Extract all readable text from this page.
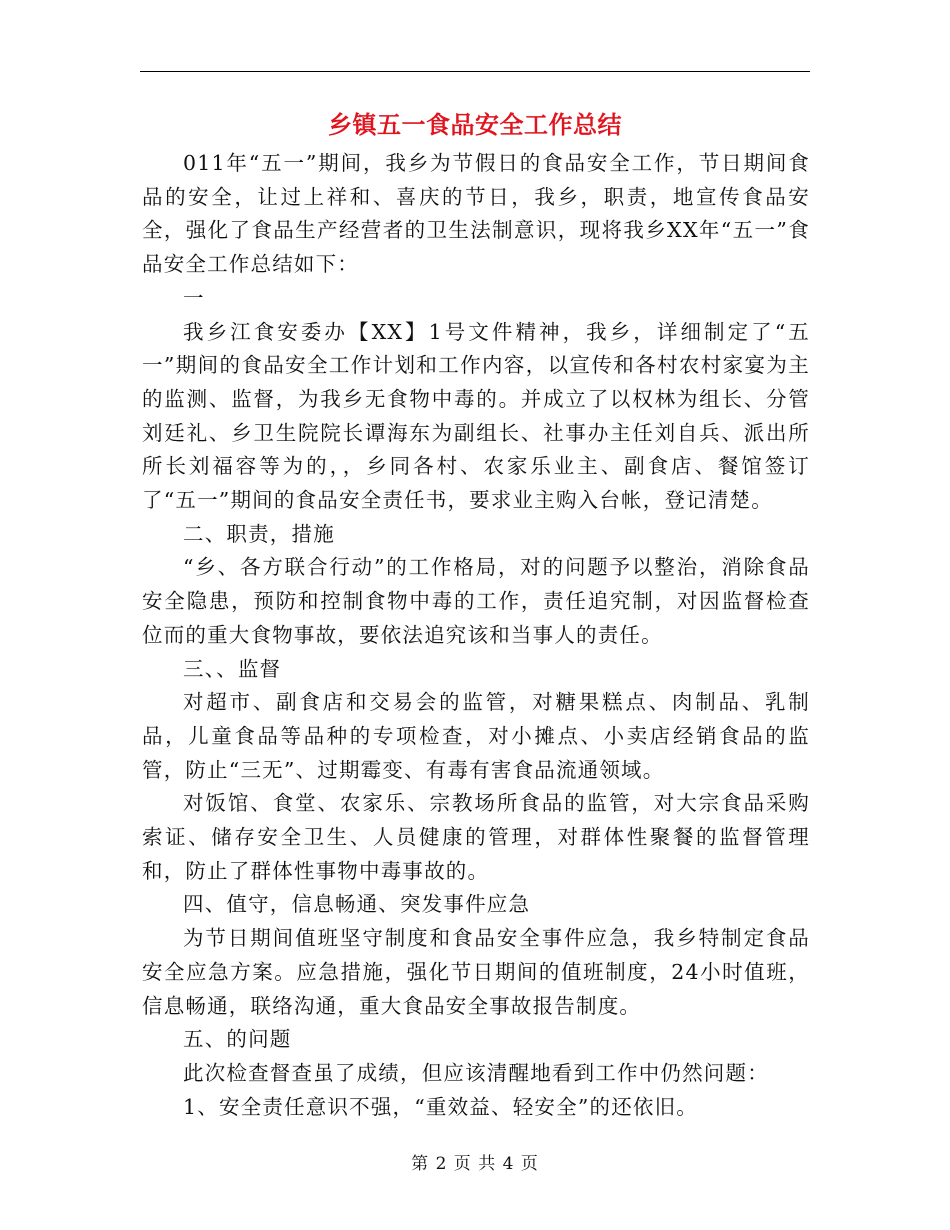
乡镇五一食品安全工作总结

011年“五一”期间，我乡为节假日的食品安全工作，节日期间食品的安全，让过上祥和、喜庆的节日，我乡，职责，地宣传食品安全，强化了食品生产经营者的卫生法制意识，现将我乡XX年“五一”食品安全工作总结如下：

一

我乡江食安委办【XX】1号文件精神，我乡，详细制定了“五一”期间的食品安全工作计划和工作内容，以宣传和各村农村家宴为主的监测、监督，为我乡无食物中毒的。并成立了以权林为组长、分管刘廷礼、乡卫生院院长谭海东为副组长、社事办主任刘自兵、派出所所长刘福容等为的，，乡同各村、农家乐业主、副食店、餐馆签订了“五一”期间的食品安全责任书，要求业主购入台帐，登记清楚。

二、职责，措施

“乡、各方联合行动”的工作格局，对的问题予以整治，消除食品安全隐患，预防和控制食物中毒的工作，责任追究制，对因监督检查位而的重大食物事故，要依法追究该和当事人的责任。

三、、监督

对超市、副食店和交易会的监管，对糖果糕点、肉制品、乳制品，儿童食品等品种的专项检查，对小摊点、小卖店经销食品的监管，防止“三无”、过期霉变、有毒有害食品流通领域。

对饭馆、食堂、农家乐、宗教场所食品的监管，对大宗食品采购索证、储存安全卫生、人员健康的管理，对群体性聚餐的监督管理和，防止了群体性事物中毒事故的。

四、值守，信息畅通、突发事件应急

为节日期间值班坚守制度和食品安全事件应急，我乡特制定食品安全应急方案。应急措施，强化节日期间的值班制度，24小时值班，信息畅通，联络沟通，重大食品安全事故报告制度。

五、的问题

此次检查督查虽了成绩，但应该清醒地看到工作中仍然问题：

1、安全责任意识不强，“重效益、轻安全”的还依旧。

第 2 页 共 4 页
